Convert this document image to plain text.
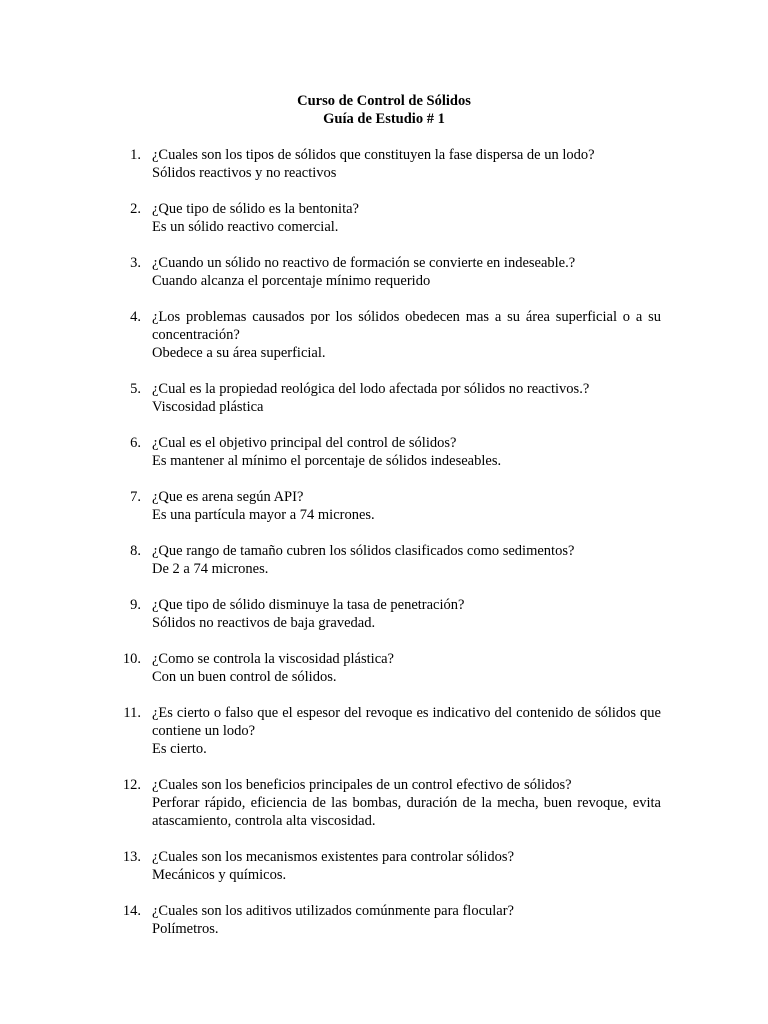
Curso de Control de Sólidos
Guía de Estudio # 1
1. ¿Cuales son los tipos de sólidos que constituyen la fase dispersa de un lodo?
Sólidos reactivos y no reactivos
2. ¿Que tipo de sólido es la bentonita?
Es un sólido reactivo comercial.
3. ¿Cuando un sólido no reactivo de formación se convierte en indeseable.?
Cuando alcanza el porcentaje mínimo requerido
4. ¿Los problemas causados por los sólidos obedecen mas a su área superficial o a su concentración?
Obedece a su área superficial.
5. ¿Cual es la propiedad reológica del lodo afectada por sólidos no reactivos.?
Viscosidad plástica
6. ¿Cual es el objetivo principal del control de sólidos?
Es mantener al mínimo el porcentaje de sólidos indeseables.
7. ¿Que es arena según API?
Es una partícula mayor a 74 micrones.
8. ¿Que rango de tamaño cubren los sólidos clasificados como sedimentos?
De 2 a 74 micrones.
9. ¿Que tipo de sólido disminuye la tasa de penetración?
Sólidos no reactivos de baja gravedad.
10. ¿Como se controla la viscosidad plástica?
Con un buen control de sólidos.
11. ¿Es cierto o falso que el espesor del revoque es indicativo del contenido de sólidos que contiene un lodo?
Es cierto.
12. ¿Cuales son los beneficios principales de un control efectivo de sólidos?
Perforar rápido, eficiencia de las bombas, duración de la mecha, buen revoque, evita atascamiento, controla alta viscosidad.
13. ¿Cuales son los mecanismos existentes para controlar sólidos?
Mecánicos y químicos.
14. ¿Cuales son los aditivos utilizados comúnmente para flocular?
Polímetros.
